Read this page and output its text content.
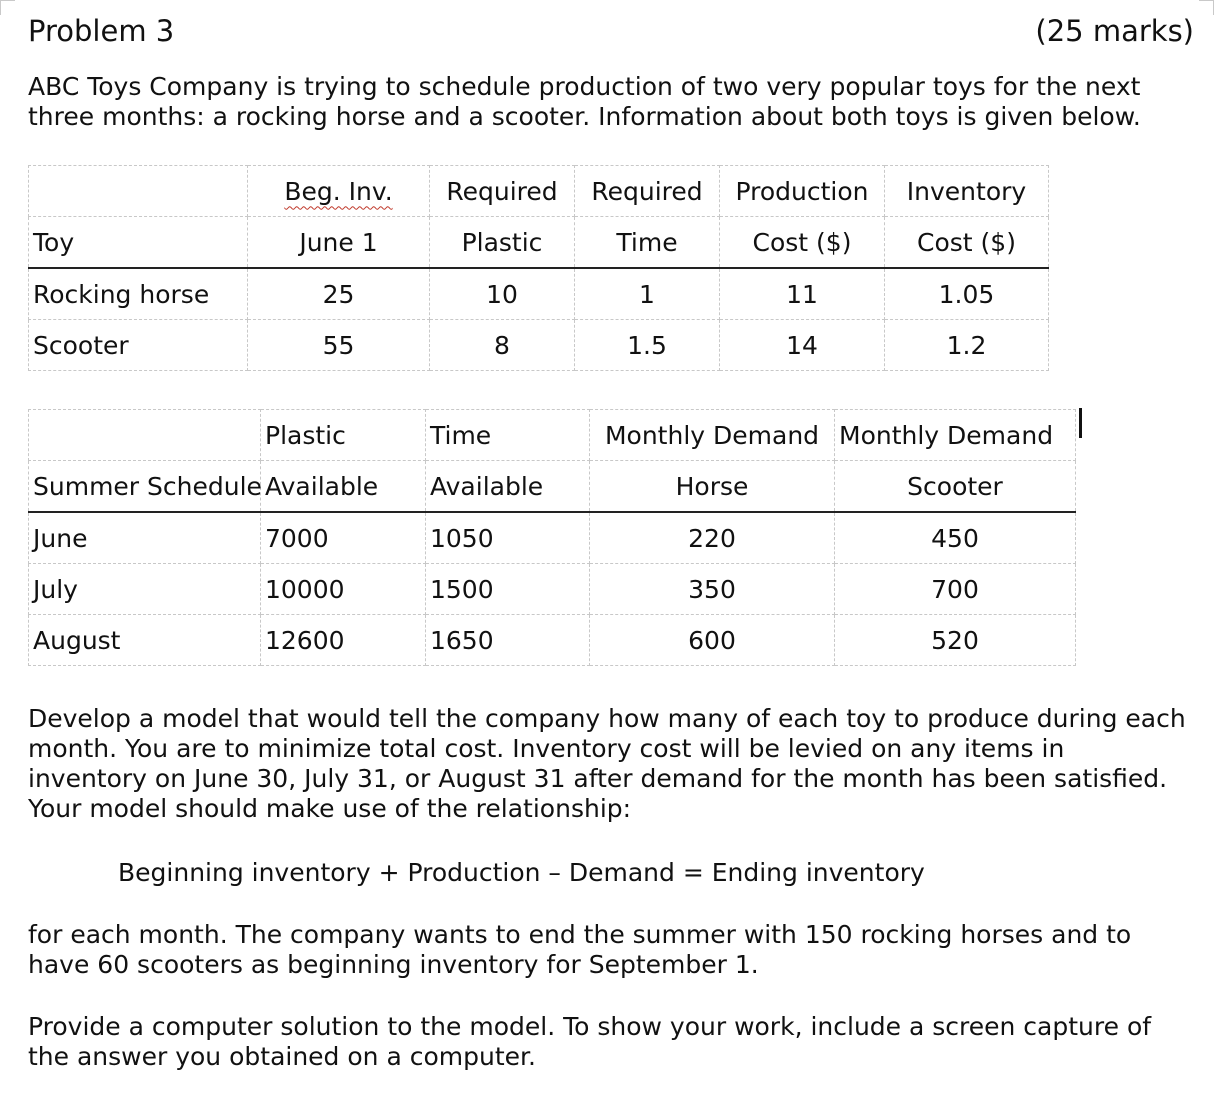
Problem 3	(25 marks)
ABC Toys Company is trying to schedule production of two very popular toys for the next
three months: a rocking horse and a scooter. Information about both toys is given below.
	Beg. Inv.	Required	Required	Production	Inventory
Toy	June 1	Plastic	Time	Cost ($)	Cost ($)
Rocking horse	25	10	1	11	1.05
Scooter	55	8	1.5	14	1.2
	Plastic	Time	Monthly Demand	Monthly Demand
Summer Schedule	Available	Available	Horse	Scooter
June	7000	1050	220	450
July	10000	1500	350	700
August	12600	1650	600	520
Develop a model that would tell the company how many of each toy to produce during each
month. You are to minimize total cost. Inventory cost will be levied on any items in
inventory on June 30, July 31, or August 31 after demand for the month has been satisfied.
Your model should make use of the relationship:
Beginning inventory + Production – Demand = Ending inventory
for each month. The company wants to end the summer with 150 rocking horses and to
have 60 scooters as beginning inventory for September 1.
Provide a computer solution to the model. To show your work, include a screen capture of
the answer you obtained on a computer.
